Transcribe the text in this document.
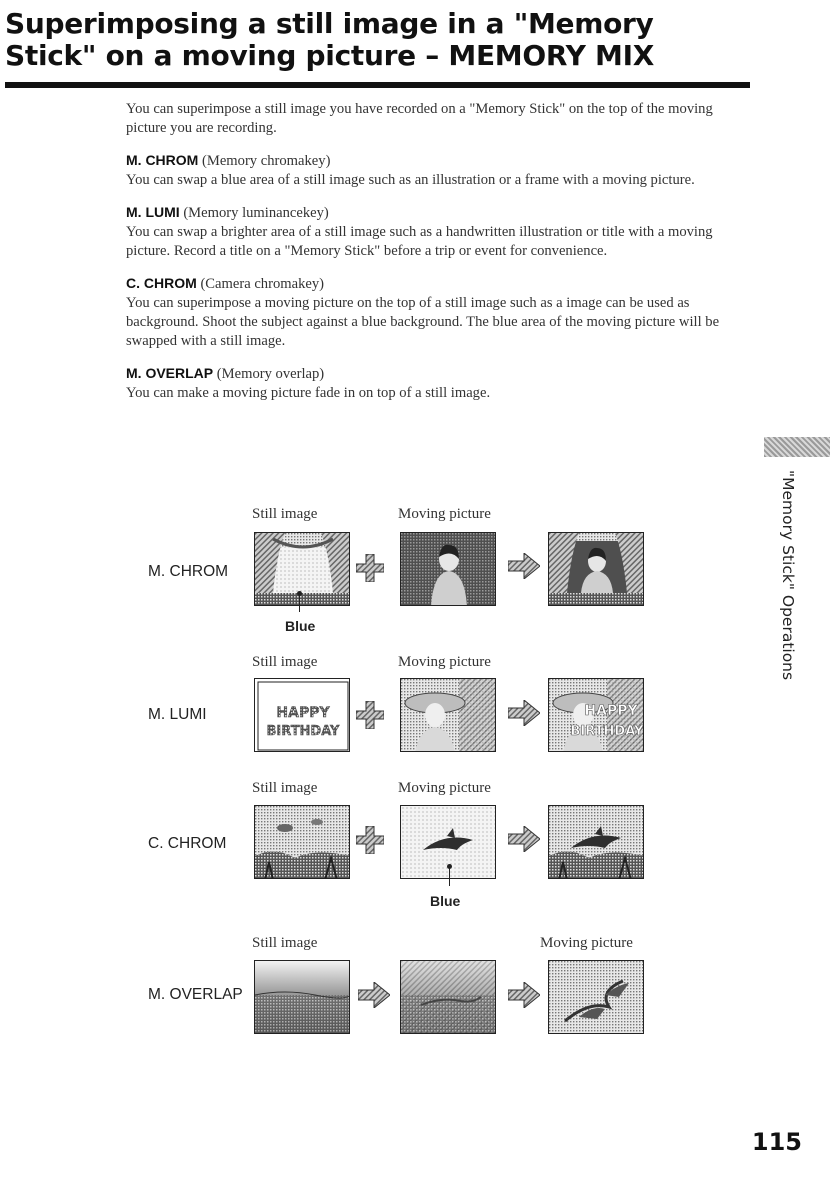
Superimposing a still image in a "Memory Stick" on a moving picture – MEMORY MIX

You can superimpose a still image you have recorded on a "Memory Stick" on the top of the moving picture you are recording.

M. CHROM (Memory chromakey)
You can swap a blue area of a still image such as an illustration or a frame with a moving picture.

M. LUMI (Memory luminancekey)
You can swap a brighter area of a still image such as a handwritten illustration or title with a moving picture. Record a title on a "Memory Stick" before a trip or event for convenience.

C. CHROM (Camera chromakey)
You can superimpose a moving picture on the top of a still image such as a image can be used as background. Shoot the subject against a blue background. The blue area of the moving picture will be swapped with a still image.

M. OVERLAP (Memory overlap)
You can make a moving picture fade in on top of a still image.

"Memory Stick" Operations
Still image	Moving picture
M. CHROM
Blue
Still image	Moving picture
M. LUMI	HAPPY
BIRTHDAY
HAPPY
BIRTHDAY
Still image	Moving picture
C. CHROM
Blue
Still image	Moving picture
M. OVERLAP
115
